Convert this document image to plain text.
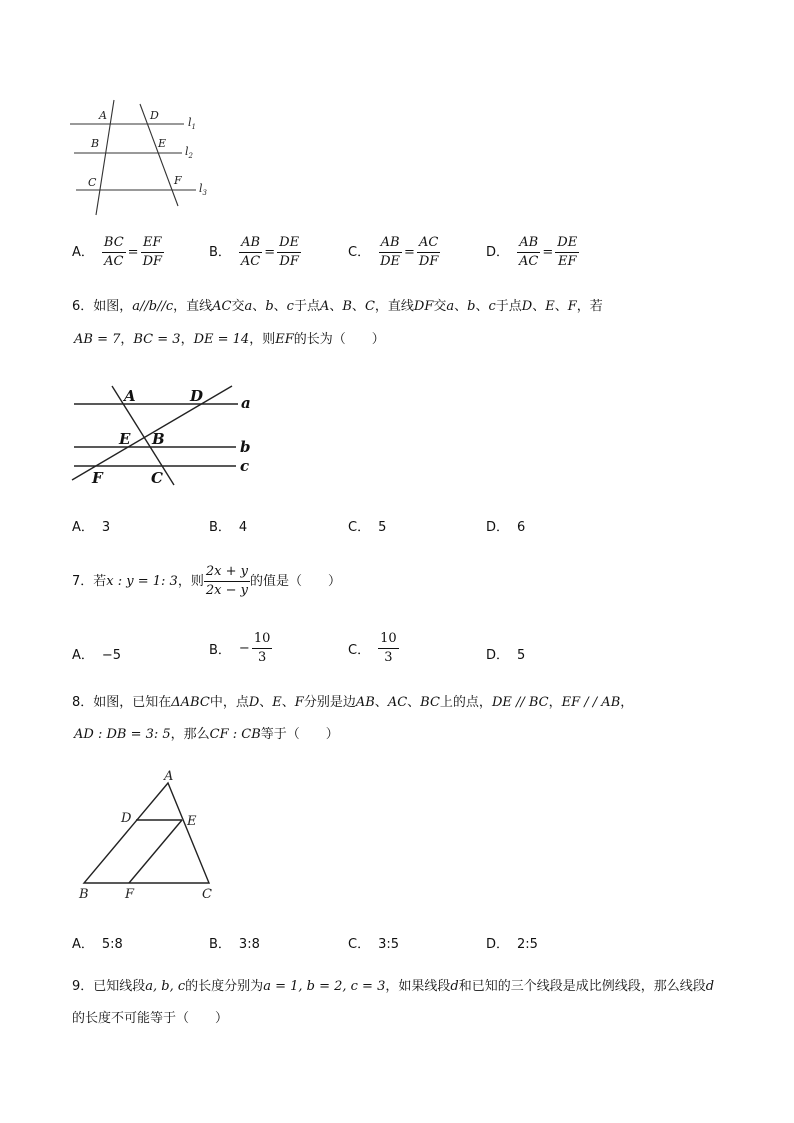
A	D
B	E
C	F
$l_1$
$l_2$
$l_3$
A． $\frac{BC}{AC} = \frac{EF}{DF}$	B． $\frac{AB}{AC} = \frac{DE}{DF}$	C． $\frac{AB}{DE} = \frac{AC}{DF}$	D． $\frac{AB}{AC} = \frac{DE}{EF}$
6．如图，a//b//c，直线AC交a、b、c于点A、B、C，直线DF交a、b、c于点D、E、F，若
AB = 7，BC = 3，DE = 14，则EF的长为（　　）
A	D	a
E B	b
c
F	C
A． 3	B． 4	C． 5	D． 6
7．若x : y = 1: 3，则 $\frac{2x + y}{2x - y}$ 的值是（　　）
A． −5	B． − $\frac{10}{3}$	C． $\frac{10}{3}$	D． 5
8．如图，已知在ΔABC中，点D、E、F分别是边AB、AC、BC上的点，DE // BC，EF / / AB，
AD : DB = 3: 5，那么CF : CB等于（　　）
A
D	E
B	F	C
A． 5:8	B． 3:8	C． 3:5	D． 2:5
9．已知线段a, b, c的长度分别为a = 1, b = 2, c = 3，如果线段d和已知的三个线段是成比例线段，那么线段d
的长度不可能等于（　　）
